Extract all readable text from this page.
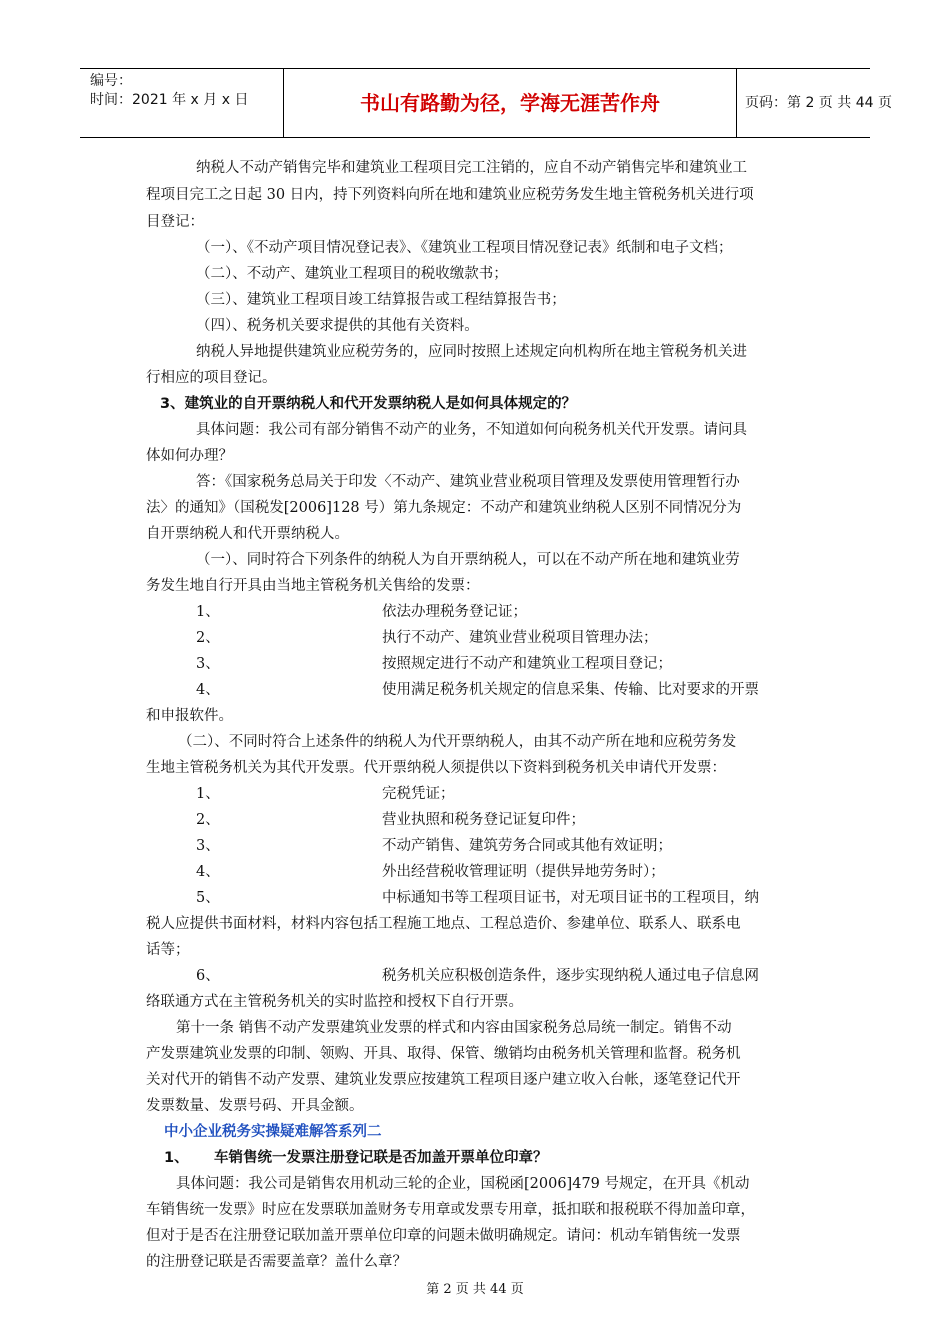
编号：
时间：2021 年 x 月 x 日	书山有路勤为径，学海无涯苦作舟	页码：第 2 页 共 44 页
纳税人不动产销售完毕和建筑业工程项目完工注销的，应自不动产销售完毕和建筑业工
程项目完工之日起 30 日内，持下列资料向所在地和建筑业应税劳务发生地主管税务机关进行项
目登记：
（一）、《不动产项目情况登记表》、《建筑业工程项目情况登记表》纸制和电子文档；
（二）、不动产、建筑业工程项目的税收缴款书；
（三）、建筑业工程项目竣工结算报告或工程结算报告书；
（四）、税务机关要求提供的其他有关资料。
纳税人异地提供建筑业应税劳务的，应同时按照上述规定向机构所在地主管税务机关进
行相应的项目登记。
3、建筑业的自开票纳税人和代开发票纳税人是如何具体规定的？
具体问题：我公司有部分销售不动产的业务，不知道如何向税务机关代开发票。请问具
体如何办理？
答：《国家税务总局关于印发〈不动产、建筑业营业税项目管理及发票使用管理暂行办
法〉的通知》（国税发[2006]128 号）第九条规定：不动产和建筑业纳税人区别不同情况分为
自开票纳税人和代开票纳税人。
（一）、同时符合下列条件的纳税人为自开票纳税人，可以在不动产所在地和建筑业劳
务发生地自行开具由当地主管税务机关售给的发票：
1、	依法办理税务登记证；
2、	执行不动产、建筑业营业税项目管理办法；
3、	按照规定进行不动产和建筑业工程项目登记；
4、	使用满足税务机关规定的信息采集、传输、比对要求的开票
和申报软件。
（二）、不同时符合上述条件的纳税人为代开票纳税人，由其不动产所在地和应税劳务发
生地主管税务机关为其代开发票。代开票纳税人须提供以下资料到税务机关申请代开发票：
1、	完税凭证；
2、	营业执照和税务登记证复印件；
3、	不动产销售、建筑劳务合同或其他有效证明；
4、	外出经营税收管理证明（提供异地劳务时）；
5、	中标通知书等工程项目证书，对无项目证书的工程项目，纳
税人应提供书面材料，材料内容包括工程施工地点、工程总造价、参建单位、联系人、联系电
话等；
6、	税务机关应积极创造条件，逐步实现纳税人通过电子信息网
络联通方式在主管税务机关的实时监控和授权下自行开票。
第十一条 销售不动产发票建筑业发票的样式和内容由国家税务总局统一制定。销售不动
产发票建筑业发票的印制、领购、开具、取得、保管、缴销均由税务机关管理和监督。税务机
关对代开的销售不动产发票、建筑业发票应按建筑工程项目逐户建立收入台帐，逐笔登记代开
发票数量、发票号码、开具金额。
中小企业税务实操疑难解答系列二
1、 车销售统一发票注册登记联是否加盖开票单位印章？
具体问题：我公司是销售农用机动三轮的企业，国税函[2006]479 号规定，在开具《机动
车销售统一发票》时应在发票联加盖财务专用章或发票专用章，抵扣联和报税联不得加盖印章，
但对于是否在注册登记联加盖开票单位印章的问题未做明确规定。请问：机动车销售统一发票
的注册登记联是否需要盖章？盖什么章？
第 2 页 共 44 页
